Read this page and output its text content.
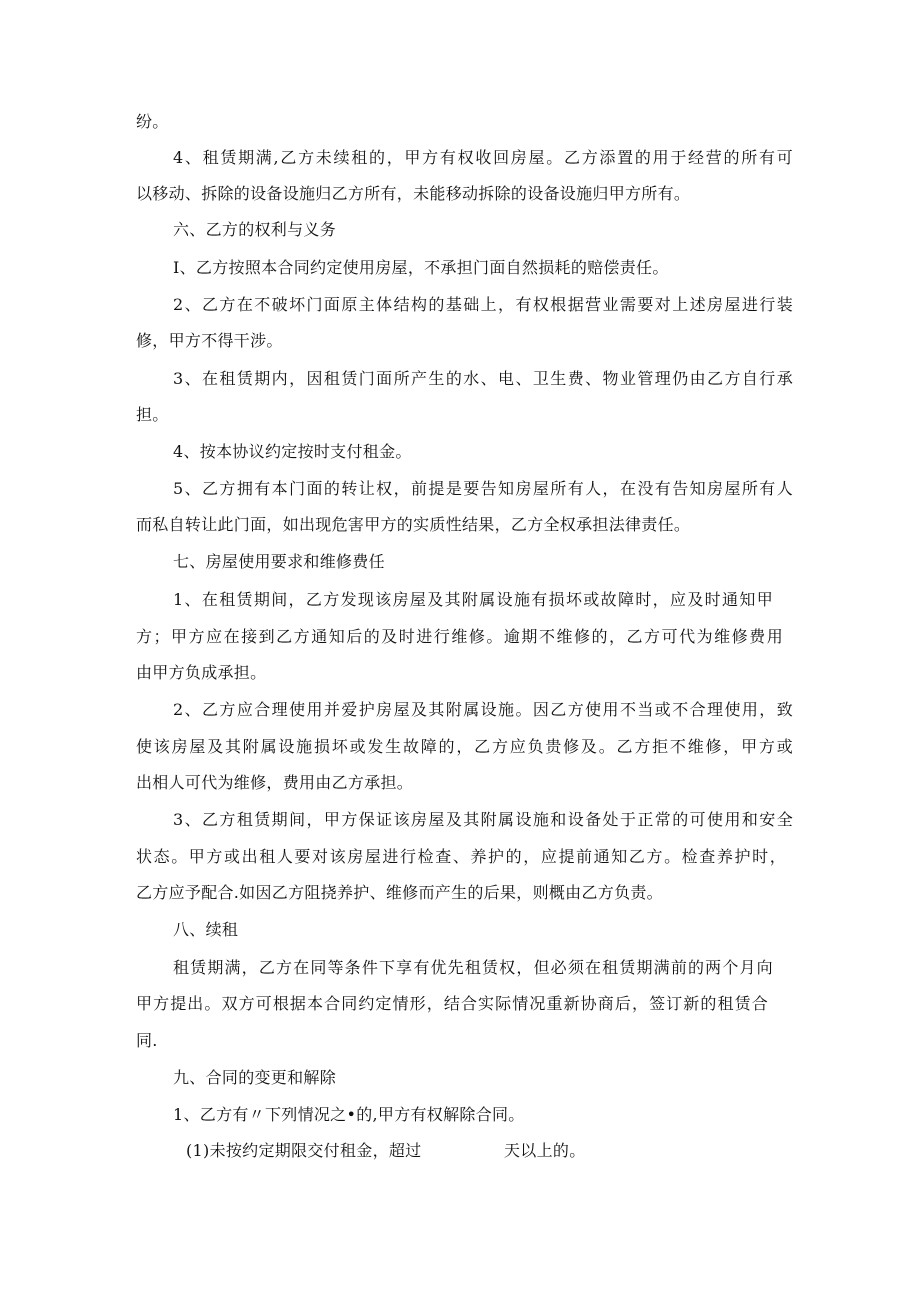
纷。
4、租赁期满,乙方未续租的，甲方有权收回房屋。乙方添置的用于经营的所有可
以移动、拆除的设备设施归乙方所有，未能移动拆除的设备设施归甲方所有。
六、乙方的权利与义务
I、乙方按照本合同约定使用房屋，不承担门面自然损耗的赔偿责任。
2、乙方在不破坏门面原主体结构的基础上，有权根据营业需要对上述房屋进行装
修，甲方不得干涉。
3、在租赁期内，因租赁门面所产生的水、电、卫生费、物业管理仍由乙方自行承
担。
4、按本协议约定按时支付租金。
5、乙方拥有本门面的转让权，前提是要告知房屋所有人，在没有告知房屋所有人
而私自转让此门面，如出现危害甲方的实质性结果，乙方全权承担法律责任。
七、房屋使用要求和维修费任
1、在租赁期间，乙方发现该房屋及其附属设施有损坏或故障时，应及时通知甲
方；甲方应在接到乙方通知后的及时进行维修。逾期不维修的，乙方可代为维修费用
由甲方负成承担。
2、乙方应合理使用并爱护房屋及其附属设施。因乙方使用不当或不合理使用，致
使该房屋及其附属设施损坏或发生故障的，乙方应负贵修及。乙方拒不维修，甲方或
出相人可代为维修，费用由乙方承担。
3、乙方租赁期间，甲方保证该房屋及其附属设施和设备处于正常的可使用和安全
状态。甲方或出租人要对该房屋进行检查、养护的，应提前通知乙方。检查养护时，
乙方应予配合.如因乙方阻挠养护、维修而产生的后果，则概由乙方负责。
八、续租
租赁期满，乙方在同等条件下享有优先租赁权，但必须在租赁期满前的两个月向
甲方提出。双方可根据本合同约定情形，结合实际情况重新协商后，签订新的租赁合
同.
九、合同的变更和解除
1、乙方有〃下列情况之•的,甲方有权解除合同。
(1)未按约定期限交付租金，超过	天以上的。
